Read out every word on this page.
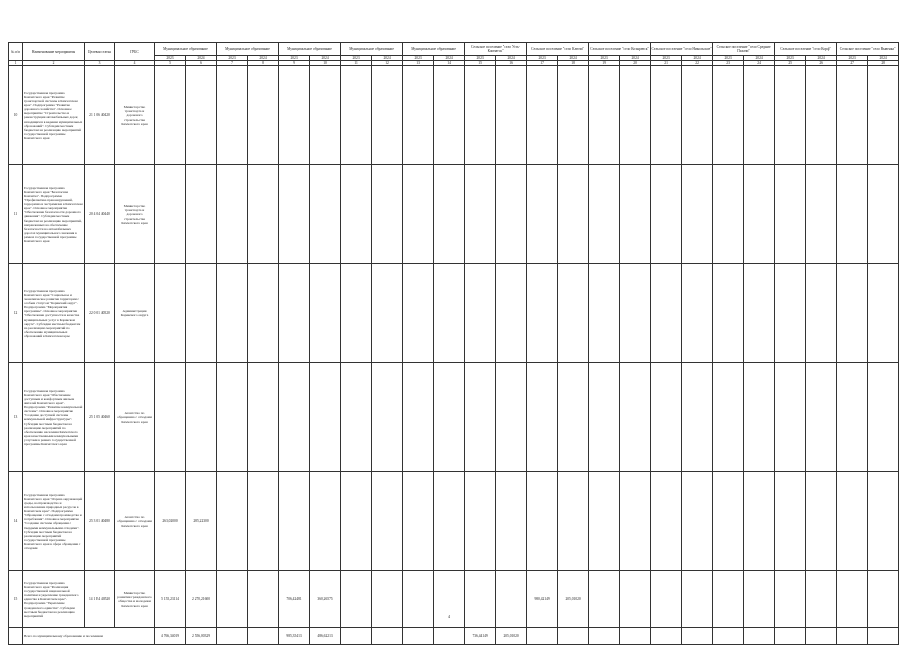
№ п/п	Наименование мероприятия	Целевая статья	ГРБС	Муниципальное образование		Муниципальное образование		Муниципальное образование		Муниципальное образование		Муниципальное образование		Сельское поселение "село Усть-Камчатск"		Сельское поселение "село Ключи"		Сельское поселение "село Козыревск"		Сельское поселение "село Никольское"		Сельское поселение "село Средние Пахачи"		Сельское поселение "село Корф"		Сельское поселение "село Вывенка"	
				2023	2024	2023	2024	2023	2024	2023	2024	2023	2024	2023	2024	2023	2024	2023	2024	2023	2024	2023	2024	2023	2024	2023	2024
1	2	3	4	5	6	7	8	9	10	11	12	13	14	15	16	17	18	19	20	21	22	23	24	25	26	27	28
10	Государственная программа Камчатского края "Развитие транспортной системы в Камчатском крае". Подпрограмма "Развитие дорожного хозяйства". Основное мероприятие "Строительство и реконструкция автомобильных дорог, находящихся в ведении муниципальных образований". Субсидии местным бюджетам на реализацию мероприятий государственной программы Камчатского края	21 1 06 40420	Министерство транспорта и дорожного строительства Камчатского края																								
11	Государственная программа Камчатского края "Безопасная Камчатка". Подпрограмма "Профилактика правонарушений, терроризма и экстремизма в Камчатском крае". Основное мероприятие "Обеспечение безопасности дорожного движения". Субсидии местным бюджетам на реализацию мероприятий, направленных на обеспечение безопасности на автомобильных дорогах муниципального значения в рамках государственной программы Камчатского края	20 4 04 40440	Министерство транспорта и дорожного строительства Камчатского края																								
12	Государственная программа Камчатского края "Социальное и экономическое развитие территории с особым статусом "Корякский округ". Подпрограмма "Мероприятия программы". Основное мероприятие "Обеспечение доступности и качества муниципальных услуг в Корякском округе". Субсидии местным бюджетам на реализацию мероприятий по обеспечению муниципальных образований в Камчатском крае	22 0 01 40520	Администрация Корякского округа																								
13	Государственная программа Камчатского края "Обеспечение доступным и комфортным жильем жителей Камчатского края". Подпрограмма "Развитие коммунальной системы". Основное мероприятие "Создание доступной системы коммунальной инфраструктуры". Субсидии местным бюджетам на реализацию мероприятий по обеспечению населения Камчатского края качественными коммунальными услугами в рамках государственной программы Камчатского края	25 1 05 40460	Агентство по обращению с отходами Камчатского края																								
14	Государственная программа Камчатского края "Охрана окружающей среды, воспроизводство и использование природных ресурсов в Камчатском крае". Подпрограмма "Обращение с отходами производства и потребления". Основное мероприятие "Создание системы обращения с твердыми коммунальными отходами". Субсидии местным бюджетам на реализацию мероприятий государственной программы Камчатского края в сфере обращения с отходами	25 3 01 40480	Агентство по обращению с отходами Камчатского края	263,02000	285,22300																						
15	Государственная программа Камчатского края "Реализация государственной национальной политики и укрепление гражданского единства в Камчатском крае". Подпрограмма "Укрепление гражданского единства". Субсидии местным бюджетам на реализацию мероприятий	14 1 Е4 40520	Министерство развития гражданского общества и молодежи Камчатского края	5 155,23114	2 270,21600			706,42481	360,26575							980,42149	205,01020										
	Всего по муниципальному образованию и поселениям			4 766,34019	2 556,00329			985,35413	486,62213					736,44149	205,01020												
4
